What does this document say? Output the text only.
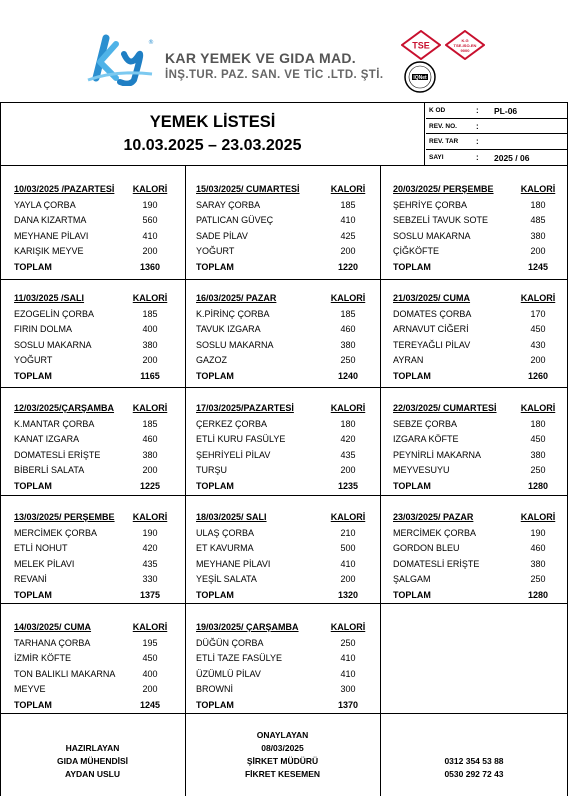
®
KAR YEMEK VE GIDA MAD.
İNŞ.TUR. PAZ. SAN. VE TİC .LTD. ŞTİ.
TSE	K.G
TSE-ISO-EN
9000
IQNet
YEMEK LİSTESİ
10.03.2025 – 23.03.2025
K OD	: PL-06
REV. NO. :
REV. TAR :
SAYI	: 2025 / 06
10/03/2025 /PAZARTESİ	KALORİ
YAYLA ÇORBA	190
DANA KIZARTMA	560
MEYHANE PİLAVI	410
KARIŞIK MEYVE	200
TOPLAM	1360
15/03/2025/ CUMARTESİ	KALORİ
SARAY ÇORBA	185
PATLICAN GÜVEÇ	410
SADE PİLAV	425
YOĞURT	200
TOPLAM	1220
20/03/2025/ PERŞEMBE	KALORİ
ŞEHRİYE ÇORBA	180
SEBZELİ TAVUK SOTE	485
SOSLU MAKARNA	380
ÇİĞKÖFTE	200
TOPLAM	1245
11/03/2025 /SALI	KALORİ
EZOGELİN ÇORBA	185
FIRIN DOLMA	400
SOSLU MAKARNA	380
YOĞURT	200
TOPLAM	1165
16/03/2025/ PAZAR	KALORİ
K.PİRİNÇ ÇORBA	185
TAVUK IZGARA	460
SOSLU MAKARNA	380
GAZOZ	250
TOPLAM	1240
21/03/2025/ CUMA	KALORİ
DOMATES ÇORBA	170
ARNAVUT CİĞERİ	450
TEREYAĞLI PİLAV	430
AYRAN	200
TOPLAM	1260
12/03/2025/ÇARŞAMBA	KALORİ
K.MANTAR ÇORBA	185
KANAT IZGARA	460
DOMATESLİ ERİŞTE	380
BİBERLİ SALATA	200
TOPLAM	1225
17/03/2025/PAZARTESİ	KALORİ
ÇERKEZ ÇORBA	180
ETLİ KURU FASÜLYE	420
ŞEHRİYELİ PİLAV	435
TURŞU	200
TOPLAM	1235
22/03/2025/ CUMARTESİ	KALORİ
SEBZE ÇORBA	180
IZGARA KÖFTE	450
PEYNİRLİ MAKARNA	380
MEYVESUYU	250
TOPLAM	1280
13/03/2025/ PERŞEMBE	KALORİ
MERCİMEK ÇORBA	190
ETLİ NOHUT	420
MELEK PİLAVI	435
REVANİ	330
TOPLAM	1375
18/03/2025/ SALI	KALORİ
ULAŞ ÇORBA	210
ET KAVURMA	500
MEYHANE PİLAVI	410
YEŞİL SALATA	200
TOPLAM	1320
23/03/2025/ PAZAR	KALORİ
MERCİMEK ÇORBA	190
GORDON BLEU	460
DOMATESLİ ERİŞTE	380
ŞALGAM	250
TOPLAM	1280
14/03/2025/ CUMA	KALORİ
TARHANA ÇORBA	195
İZMİR KÖFTE	450
TON BALIKLI MAKARNA	400
MEYVE	200
TOPLAM	1245
19/03/2025/ ÇARŞAMBA	KALORİ
DÜĞÜN ÇORBA	250
ETLİ TAZE FASÜLYE	410
ÜZÜMLÜ PİLAV	410
BROWNİ	300
TOPLAM	1370
HAZIRLAYAN
GIDA MÜHENDİSİ
AYDAN USLU
ONAYLAYAN
08/03/2025
ŞİRKET MÜDÜRÜ
FİKRET KESEMEN
0312 354 53 88
0530 292 72 43
